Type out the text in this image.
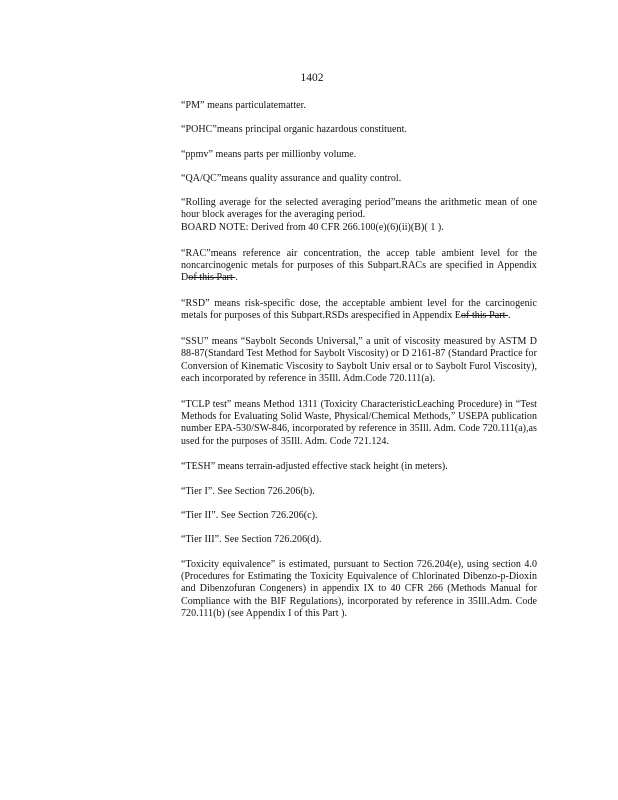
1402
“PM” means particulatematter.
“POHC”means principal organic hazardous constituent.
“ppmv” means parts per millionby volume.
“QA/QC”means quality assurance and quality control.

“Rolling average for the selected averaging period”means the arithmetic mean of one hour block averages for the averaging period.

BOARD NOTE: Derived from 40 CFR 266.100(e)(6)(ii)(B)( 1 ).

“RAC”means reference air concentration, the accep table ambient level for the noncarcinogenic metals for purposes of this Subpart.RACs are specified in Appendix Dof this Part .
“RSD” means risk-specific dose, the acceptable ambient level for the carcinogenic metals for purposes of this Subpart.RSDs arespecified in Appendix Eof this Part .
“SSU” means “Saybolt Seconds Universal,” a unit of viscosity measured by ASTM D 88-87(Standard Test Method for Saybolt Viscosity) or D 2161-87 (Standard Practice for Conversion of Kinematic Viscosity to Saybolt Univ ersal or to Saybolt Furol Viscosity), each incorporated by reference in 35Ill. Adm.Code 720.111(a).
“TCLP test” means Method 1311 (Toxicity CharacteristicLeaching Procedure) in “Test Methods for Evaluating Solid Waste, Physical/Chemical Methods,” USEPA publication number EPA-530/SW-846, incorporated by reference in 35Ill. Adm. Code 720.111(a),as used for the purposes of 35Ill. Adm. Code 721.124.
“TESH” means terrain-adjusted effective stack height (in meters).
“Tier I”. See Section 726.206(b).
“Tier II”. See Section 726.206(c).
“Tier III”. See Section 726.206(d).
“Toxicity equivalence” is estimated, pursuant to Section 726.204(e), using section 4.0 (Procedures for Estimating the Toxicity Equivalence of Chlorinated Dibenzo-p-Dioxin and Dibenzofuran Congeners) in appendix IX to 40 CFR 266 (Methods Manual for Compliance with the BIF Regulations), incorporated by reference in 35Ill.Adm. Code 720.111(b) (see Appendix I of this Part ).
